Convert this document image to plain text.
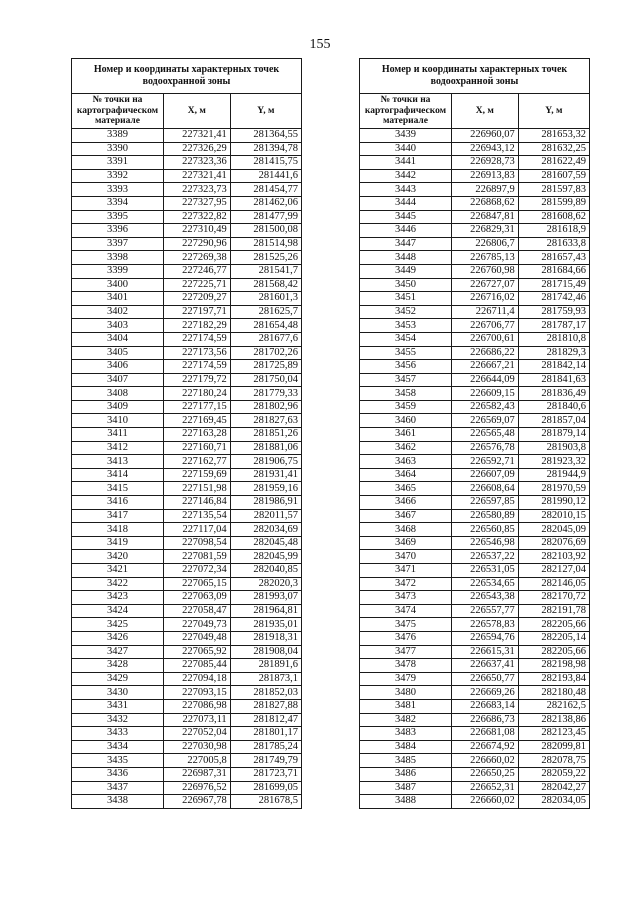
155
Номер и координаты характерных точек водоохранной зоны		
№ точки на картографическом материале	X, м	Y, м
3389	227321,41	281364,55
3390	227326,29	281394,78
3391	227323,36	281415,75
3392	227321,41	281441,6
3393	227323,73	281454,77
3394	227327,95	281462,06
3395	227322,82	281477,99
3396	227310,49	281500,08
3397	227290,96	281514,98
3398	227269,38	281525,26
3399	227246,77	281541,7
3400	227225,71	281568,42
3401	227209,27	281601,3
3402	227197,71	281625,7
3403	227182,29	281654,48
3404	227174,59	281677,6
3405	227173,56	281702,26
3406	227174,59	281725,89
3407	227179,72	281750,04
3408	227180,24	281779,33
3409	227177,15	281802,96
3410	227169,45	281827,63
3411	227163,28	281851,26
3412	227160,71	281881,06
3413	227162,77	281906,75
3414	227159,69	281931,41
3415	227151,98	281959,16
3416	227146,84	281986,91
3417	227135,54	282011,57
3418	227117,04	282034,69
3419	227098,54	282045,48
3420	227081,59	282045,99
3421	227072,34	282040,85
3422	227065,15	282020,3
3423	227063,09	281993,07
3424	227058,47	281964,81
3425	227049,73	281935,01
3426	227049,48	281918,31
3427	227065,92	281908,04
3428	227085,44	281891,6
3429	227094,18	281873,1
3430	227093,15	281852,03
3431	227086,98	281827,88
3432	227073,11	281812,47
3433	227052,04	281801,17
3434	227030,98	281785,24
3435	227005,8	281749,79
3436	226987,31	281723,71
3437	226976,52	281699,05
3438	226967,78	281678,5
Номер и координаты характерных точек водоохранной зоны		
№ точки на картографическом материале	X, м	Y, м
3439	226960,07	281653,32
3440	226943,12	281632,25
3441	226928,73	281622,49
3442	226913,83	281607,59
3443	226897,9	281597,83
3444	226868,62	281599,89
3445	226847,81	281608,62
3446	226829,31	281618,9
3447	226806,7	281633,8
3448	226785,13	281657,43
3449	226760,98	281684,66
3450	226727,07	281715,49
3451	226716,02	281742,46
3452	226711,4	281759,93
3453	226706,77	281787,17
3454	226700,61	281810,8
3455	226686,22	281829,3
3456	226667,21	281842,14
3457	226644,09	281841,63
3458	226609,15	281836,49
3459	226582,43	281840,6
3460	226569,07	281857,04
3461	226565,48	281879,14
3462	226576,78	281903,8
3463	226592,71	281923,32
3464	226607,09	281944,9
3465	226608,64	281970,59
3466	226597,85	281990,12
3467	226580,89	282010,15
3468	226560,85	282045,09
3469	226546,98	282076,69
3470	226537,22	282103,92
3471	226531,05	282127,04
3472	226534,65	282146,05
3473	226543,38	282170,72
3474	226557,77	282191,78
3475	226578,83	282205,66
3476	226594,76	282205,14
3477	226615,31	282205,66
3478	226637,41	282198,98
3479	226650,77	282193,84
3480	226669,26	282180,48
3481	226683,14	282162,5
3482	226686,73	282138,86
3483	226681,08	282123,45
3484	226674,92	282099,81
3485	226660,02	282078,75
3486	226650,25	282059,22
3487	226652,31	282042,27
3488	226660,02	282034,05
